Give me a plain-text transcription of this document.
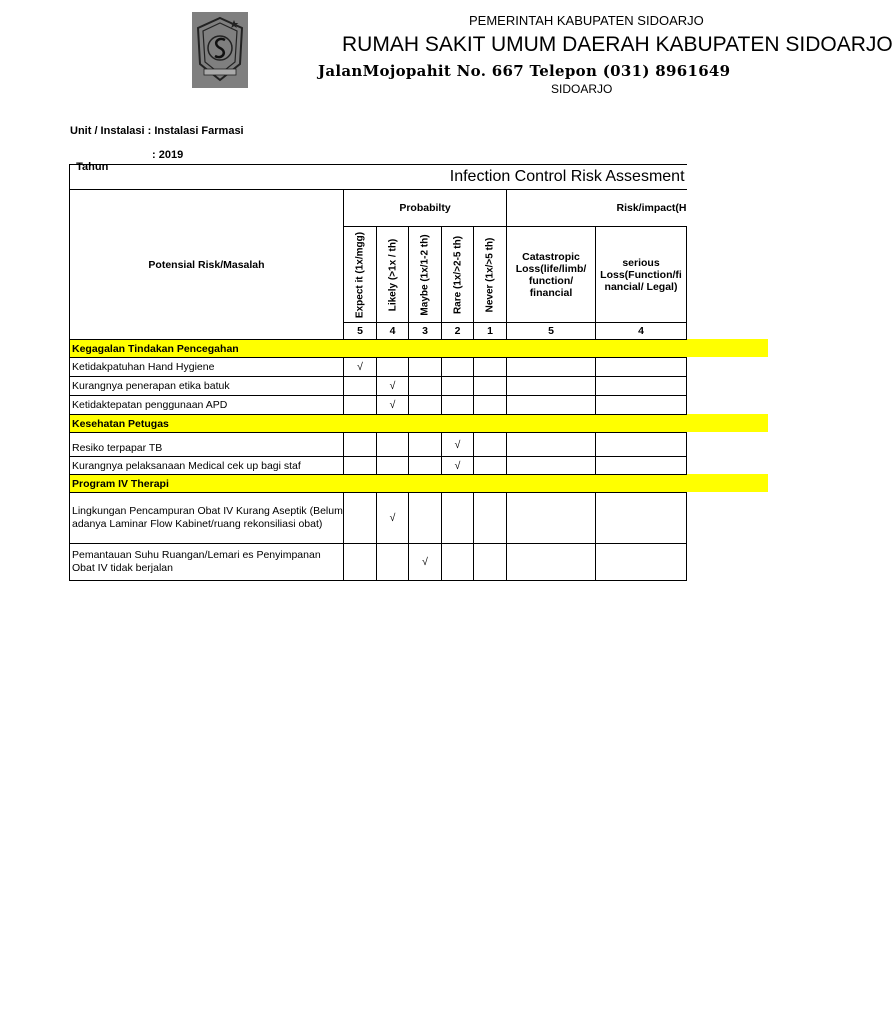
PEMERINTAH KABUPATEN SIDOARJO
RUMAH SAKIT UMUM DAERAH KABUPATEN SIDOARJO
JalanMojopahit No. 667 Telepon (031) 8961649
SIDOARJO
Unit / Instalasi : Instalasi Farmasi

Tahun

: 2019

Infection Control Risk Assesment							
Potensial Risk/Masalah	Probabilty					Risk/impact(H	

	Expect it (1x/mgg)	Likely (>1x / th)	Maybe (1x/1-2 th)	Rare (1x/>2-5 th)	Never (1x/>5 th)	Catastropic Loss(life/limb/ function/ financial	serious Loss(Function/fi nancial/ Legal)
	5	4	3	2	1	5	4
Kegagalan Tindakan Pencegahan							
Ketidakpatuhan Hand Hygiene	√						
Kurangnya penerapan etika batuk		√					
Ketidaktepatan penggunaan APD		√					
Kesehatan Petugas							
Resiko terpapar TB				√			
Kurangnya pelaksanaan Medical cek up bagi staf				√			
Program IV Therapi							
Lingkungan Pencampuran Obat IV Kurang Aseptik (Belum adanya Laminar Flow Kabinet/ruang rekonsiliasi obat)		√					
Pemantauan Suhu Ruangan/Lemari es Penyimpanan Obat IV tidak berjalan			√				
